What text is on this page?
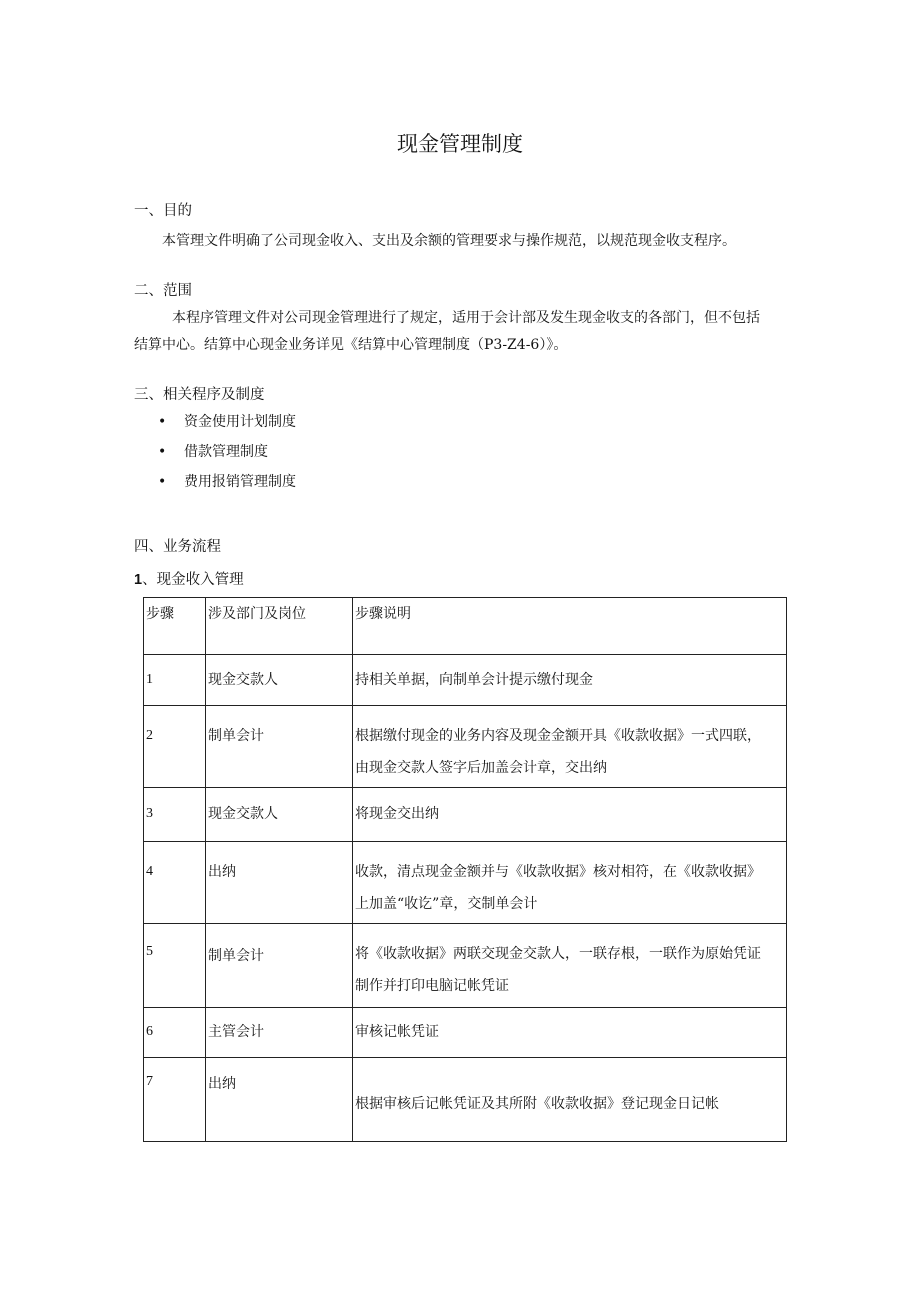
现金管理制度
一、目的
本管理文件明确了公司现金收入、支出及余额的管理要求与操作规范，以规范现金收支程序。
二、范围
本程序管理文件对公司现金管理进行了规定，适用于会计部及发生现金收支的各部门，但不包括
结算中心。结算中心现金业务详见《结算中心管理制度（P3-Z4-6）》。
三、相关程序及制度
• 资金使用计划制度
• 借款管理制度
• 费用报销管理制度
四、业务流程
1、现金收入管理
步骤	涉及部门及岗位	步骤说明
1	现金交款人	持相关单据，向制单会计提示缴付现金
2	制单会计	根据缴付现金的业务内容及现金金额开具《收款收据》一式四联，
由现金交款人签字后加盖会计章，交出纳

3	现金交款人	将现金交出纳
4	出纳	收款，清点现金金额并与《收款收据》核对相符，在《收款收据》
上加盖“收讫”章，交制单会计

5	制单会计	将《收款收据》两联交现金交款人，一联存根，一联作为原始凭证
制作并打印电脑记帐凭证

6	主管会计	审核记帐凭证
7	出纳	根据审核后记帐凭证及其所附《收款收据》登记现金日记帐
